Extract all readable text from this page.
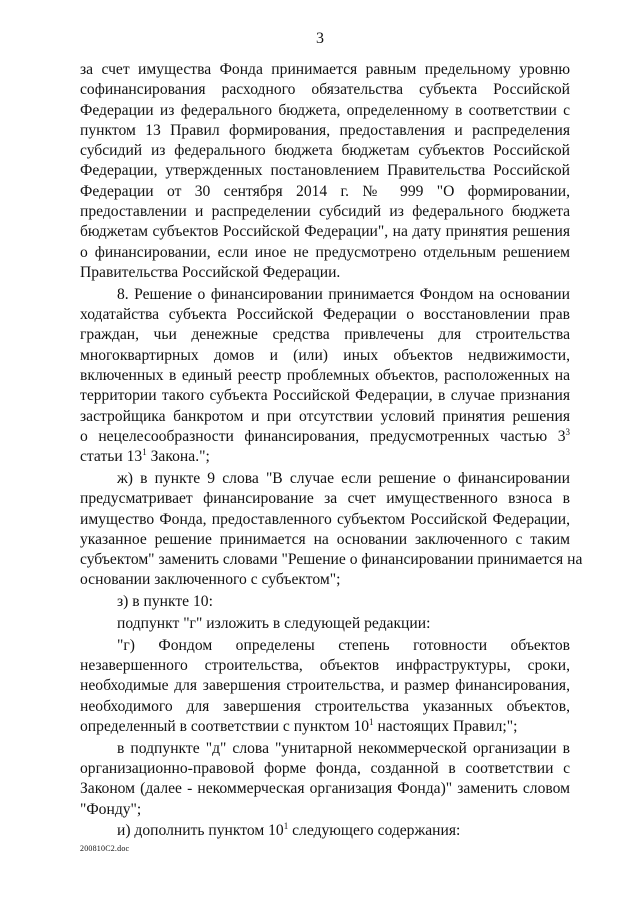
3
за счет имущества Фонда принимается равным предельному уровню
софинансирования расходного обязательства субъекта Российской
Федерации из федерального бюджета, определенному в соответствии с
пунктом 13 Правил формирования, предоставления и распределения
субсидий из федерального бюджета бюджетам субъектов Российской
Федерации, утвержденных постановлением Правительства Российской
Федерации от 30 сентября 2014 г. № 999 "О формировании,
предоставлении и распределении субсидий из федерального бюджета
бюджетам субъектов Российской Федерации", на дату принятия решения
о финансировании, если иное не предусмотрено отдельным решением
Правительства Российской Федерации.
8. Решение о финансировании принимается Фондом на основании
ходатайства субъекта Российской Федерации о восстановлении прав
граждан, чьи денежные средства привлечены для строительства
многоквартирных домов и (или) иных объектов недвижимости,
включенных в единый реестр проблемных объектов, расположенных на
территории такого субъекта Российской Федерации, в случае признания
застройщика банкротом и при отсутствии условий принятия решения
о нецелесообразности финансирования, предусмотренных частью $3^3$
статьи $13^1$ Закона.";
ж) в пункте 9 слова "В случае если решение о финансировании
предусматривает финансирование за счет имущественного взноса в
имущество Фонда, предоставленного субъектом Российской Федерации,
указанное решение принимается на основании заключенного с таким
субъектом" заменить словами "Решение о финансировании принимается на
основании заключенного с субъектом";
з) в пункте 10:
подпункт "г" изложить в следующей редакции:
"г) Фондом определены степень готовности объектов
незавершенного строительства, объектов инфраструктуры, сроки,
необходимые для завершения строительства, и размер финансирования,
необходимого для завершения строительства указанных объектов,
определенный в соответствии с пунктом $10^1$ настоящих Правил;";
в подпункте "д" слова "унитарной некоммерческой организации в
организационно-правовой форме фонда, созданной в соответствии с
Законом (далее - некоммерческая организация Фонда)" заменить словом
"Фонду";
и) дополнить пунктом $10^1$ следующего содержания:
200810C2.doc
